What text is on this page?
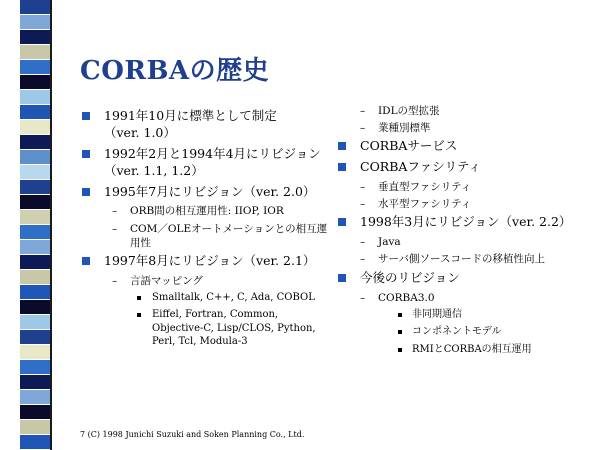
CORBAの歴史
1991年10月に標準として制定
（ver. 1.0）
1992年2月と1994年4月にリビジョン
（ver. 1.1, 1.2）
1995年7月にリビジョン（ver. 2.0）
– ORB間の相互運用性: IIOP, IOR
– COM／OLEオートメーションとの相互運用性
1997年8月にリビジョン（ver. 2.1）
– 言語マッピング
Smalltalk, C++, C, Ada, COBOL
Eiffel, Fortran, Common, Objective-C, Lisp/CLOS, Python, Perl, Tcl, Modula-3
– IDLの型拡張
– 業種別標準
CORBAサービス
CORBAファシリティ
– 垂直型ファシリティ
– 水平型ファシリティ
1998年3月にリビジョン（ver. 2.2）
– Java
– サーバ側ソースコードの移植性向上
今後のリビジョン
– CORBA3.0
非同期通信
コンポネントモデル
RMIとCORBAの相互運用
7 (C) 1998 Junichi Suzuki and Soken Planning Co., Ltd.
